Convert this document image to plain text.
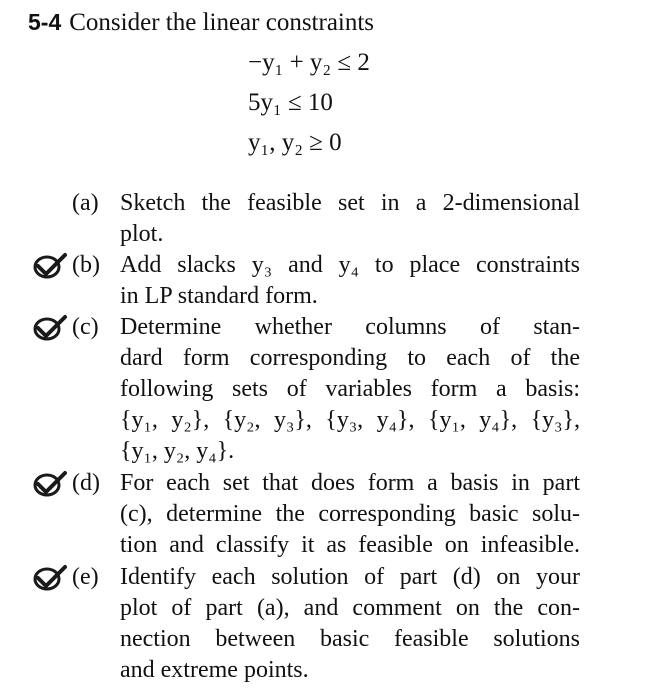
5-4 Consider the linear constraints
−y₁ + y₂ ≤ 2
5y₁ ≤ 10
y₁, y₂ ≥ 0
(a) Sketch the feasible set in a 2-dimensional
plot.
(b) Add slacks y₃ and y₄ to place constraints
in LP standard form.
(c) Determine whether columns of stan-
dard form corresponding to each of the
following sets of variables form a basis:
{y₁, y₂}, {y₂, y₃}, {y₃, y₄}, {y₁, y₄}, {y₃},
{y₁, y₂, y₄}.
(d) For each set that does form a basis in part
(c), determine the corresponding basic solu-
tion and classify it as feasible on infeasible.
(e) Identify each solution of part (d) on your
plot of part (a), and comment on the con-
nection between basic feasible solutions
and extreme points.
